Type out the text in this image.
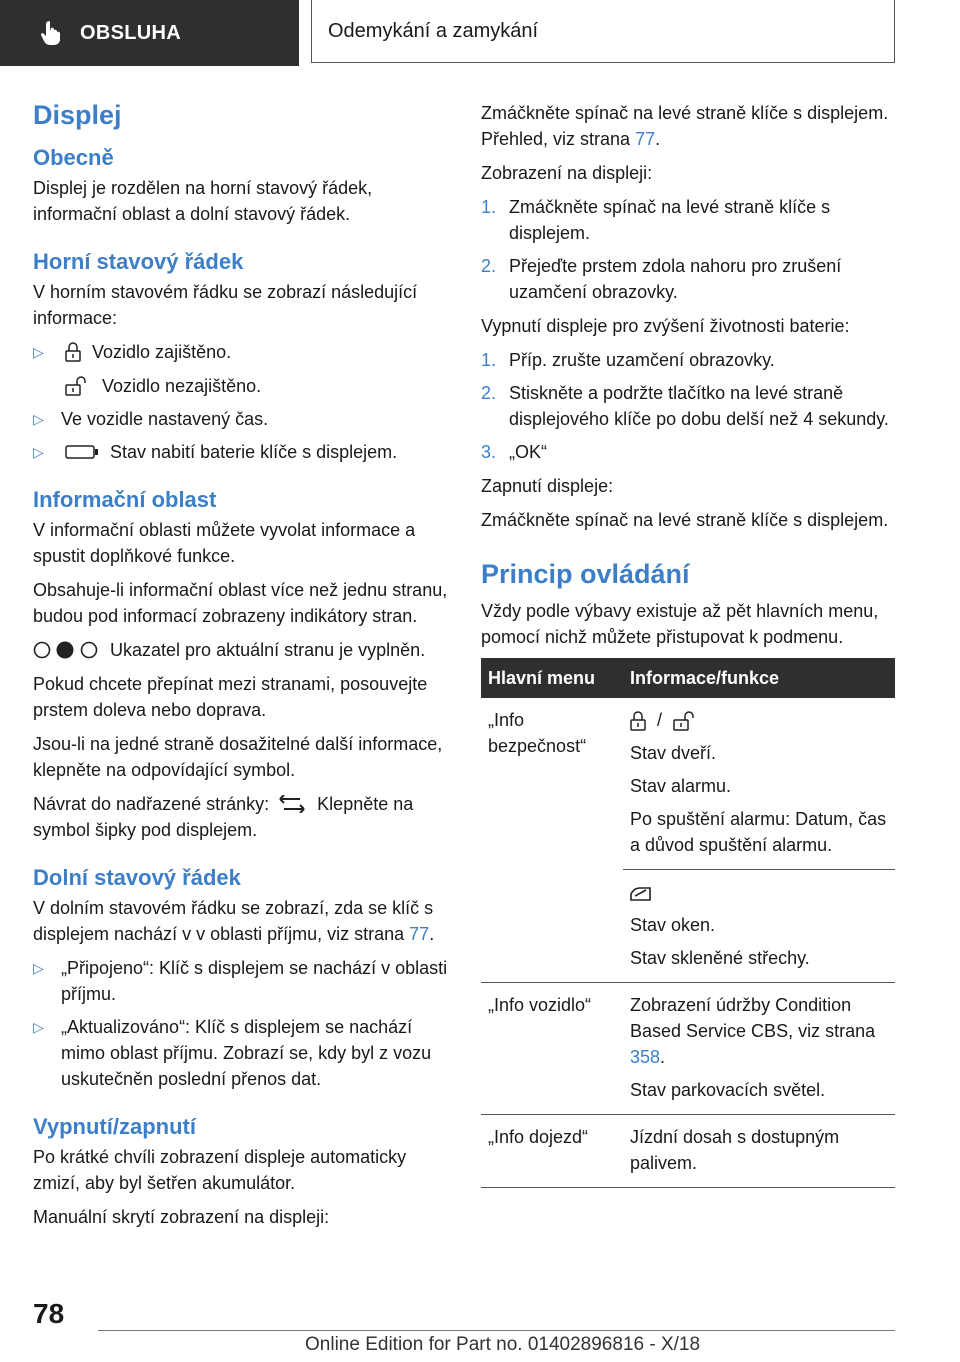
OBSLUHA	Odemykání a zamykání
Displej
Obecně

Displej je rozdělen na horní stavový řádek, informační oblast a dolní stavový řádek.

Horní stavový řádek

V horním stavovém řádku se zobrazí následující informace:

▷	Vozidlo zajištěno.
Vozidlo nezajištěno.
▷ Ve vozidle nastavený čas.
▷	Stav nabití baterie klíče s displejem.
Informační oblast

V informační oblasti můžete vyvolat informace a spustit doplňkové funkce.

Obsahuje-li informační oblast více než jednu stranu, budou pod informací zobrazeny indikátory stran.

Ukazatel pro aktuální stranu je vyplněn.

Pokud chcete přepínat mezi stranami, posouvejte prstem doleva nebo doprava.

Jsou-li na jedné straně dosažitelné další informace, klepněte na odpovídající symbol.

Návrat do nadřazené stránky:	Klepněte na symbol šipky pod displejem.

Dolní stavový řádek

V dolním stavovém řádku se zobrazí, zda se klíč s displejem nachází v v oblasti příjmu, viz strana 77.

▷ „Připojeno“: Klíč s displejem se nachází v oblasti příjmu.
▷ „Aktualizováno“: Klíč s displejem se nachází mimo oblast příjmu. Zobrazí se, kdy byl z vozu uskutečněn poslední přenos dat.
Vypnutí/zapnutí

Po krátké chvíli zobrazení displeje automaticky zmizí, aby byl šetřen akumulátor.

Manuální skrytí zobrazení na displeji:

Zmáčkněte spínač na levé straně klíče s displejem. Přehled, viz strana 77.

Zobrazení na displeji:

1. Zmáčkněte spínač na levé straně klíče s displejem.
2. Přejeďte prstem zdola nahoru pro zrušení uzamčení obrazovky.

Vypnutí displeje pro zvýšení životnosti baterie:

1. Příp. zrušte uzamčení obrazovky.
2. Stiskněte a podržte tlačítko na levé straně displejového klíče po dobu delší než 4 sekundy.
3. „OK“

Zapnutí displeje:

Zmáčkněte spínač na levé straně klíče s displejem.

Princip ovládání

Vždy podle výbavy existuje až pět hlavních menu, pomocí nichž můžete přistupovat k podmenu.

Hlavní menu	Informace/funkce
„Info bezpečnost“	/

Stav dveří.

Stav alarmu.

Po spuštění alarmu: Datum, čas a důvod spuštění alarmu.

	Stav oken.

Stav skleněné střechy.

„Info vozidlo“	Zobrazení údržby Condition Based Service CBS, viz strana 358.

Stav parkovacích světel.

„Info dojezd“	Jízdní dosah s dostupným palivem.

78
Online Edition for Part no. 01402896816 - X/18
